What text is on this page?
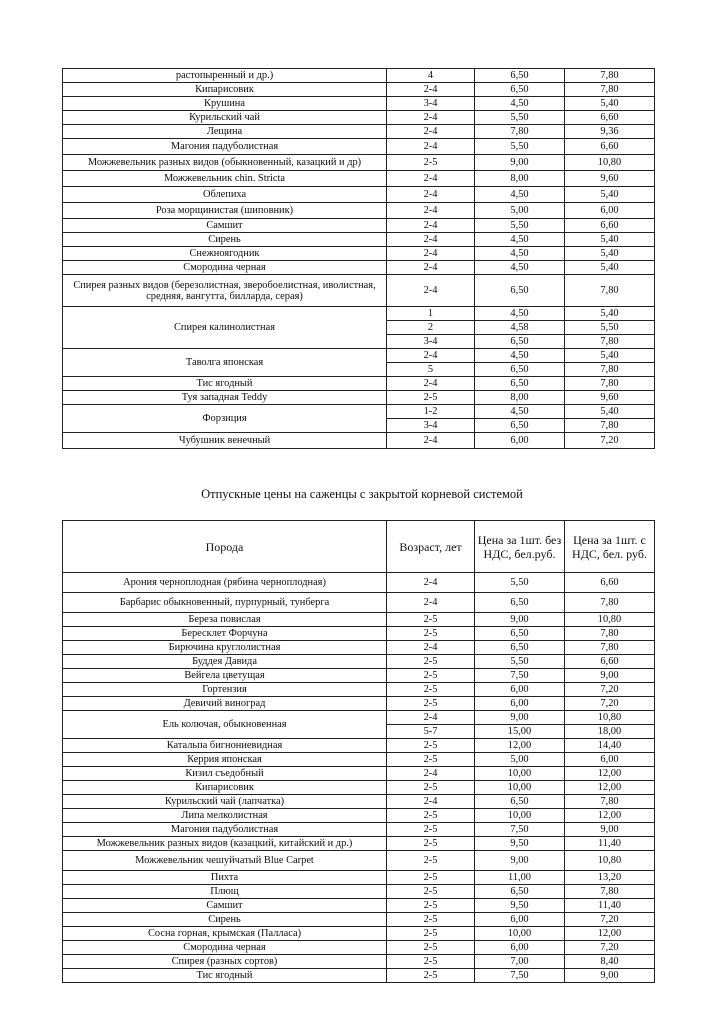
растопыренный и др.)	4	6,50	7,80
Кипарисовик	2-4	6,50	7,80
Крушина	3-4	4,50	5,40
Курильский чай	2-4	5,50	6,60
Лещина	2-4	7,80	9,36
Магония падуболистная	2-4	5,50	6,60
Можжевельник разных видов (обыкновенный, казацкий и др)	2-5	9,00	10,80
Можжевельник chin. Stricta	2-4	8,00	9,60
Облепиха	2-4	4,50	5,40
Роза морщинистая (шиповник)	2-4	5,00	6,00
Самшит	2-4	5,50	6,60
Сирень	2-4	4,50	5,40
Снежноягодник	2-4	4,50	5,40
Смородина черная	2-4	4,50	5,40
Спирея разных видов (березолистная, зверобоелистная, иволистная, средняя, вангутта, билларда, серая)	2-4	6,50	7,80
Спирея калинолистная	1	4,50	5,40
	2	4,58	5,50
	3-4	6,50	7,80
Таволга японская	2-4	4,50	5,40
	5	6,50	7,80
Тис ягодный	2-4	6,50	7,80
Туя западная Teddy	2-5	8,00	9,60
Форзиция	1-2	4,50	5,40
	3-4	6,50	7,80
Чубушник венечный	2-4	6,00	7,20
Отпускные цены на саженцы с закрытой корневой системой
Порода	Возраст, лет	Цена за 1шт. без НДС, бел.руб.	Цена за 1шт. с НДС, бел. руб.
Арония черноплодная (рябина черноплодная)	2-4	5,50	6,60
Барбарис обыкновенный, пурпурный, тунберга	2-4	6,50	7,80
Береза повислая	2-5	9,00	10,80
Бересклет Форчуна	2-5	6,50	7,80
Бирючина круглолистная	2-4	6,50	7,80
Буддея Давида	2-5	5,50	6,60
Вейгела цветущая	2-5	7,50	9,00
Гортензия	2-5	6,00	7,20
Девичий виноград	2-5	6,00	7,20
Ель колючая, обыкновенная	2-4	9,00	10,80
	5-7	15,00	18,00
Катальпа бигнониевидная	2-5	12,00	14,40
Керрия японская	2-5	5,00	6,00
Кизил съедобный	2-4	10,00	12,00
Кипарисовик	2-5	10,00	12,00
Курильский чай (лапчатка)	2-4	6,50	7,80
Липа мелколистная	2-5	10,00	12,00
Магония падуболистная	2-5	7,50	9,00
Можжевельник разных видов (казацкий, китайский и др.)	2-5	9,50	11,40
Можжевельник чешуйчатый Blue Carpet	2-5	9,00	10,80
Пихта	2-5	11,00	13,20
Плющ	2-5	6,50	7,80
Самшит	2-5	9,50	11,40
Сирень	2-5	6,00	7,20
Сосна горная, крымская (Палласа)	2-5	10,00	12,00
Смородина черная	2-5	6,00	7,20
Спирея (разных сортов)	2-5	7,00	8,40
Тис ягодный	2-5	7,50	9,00
